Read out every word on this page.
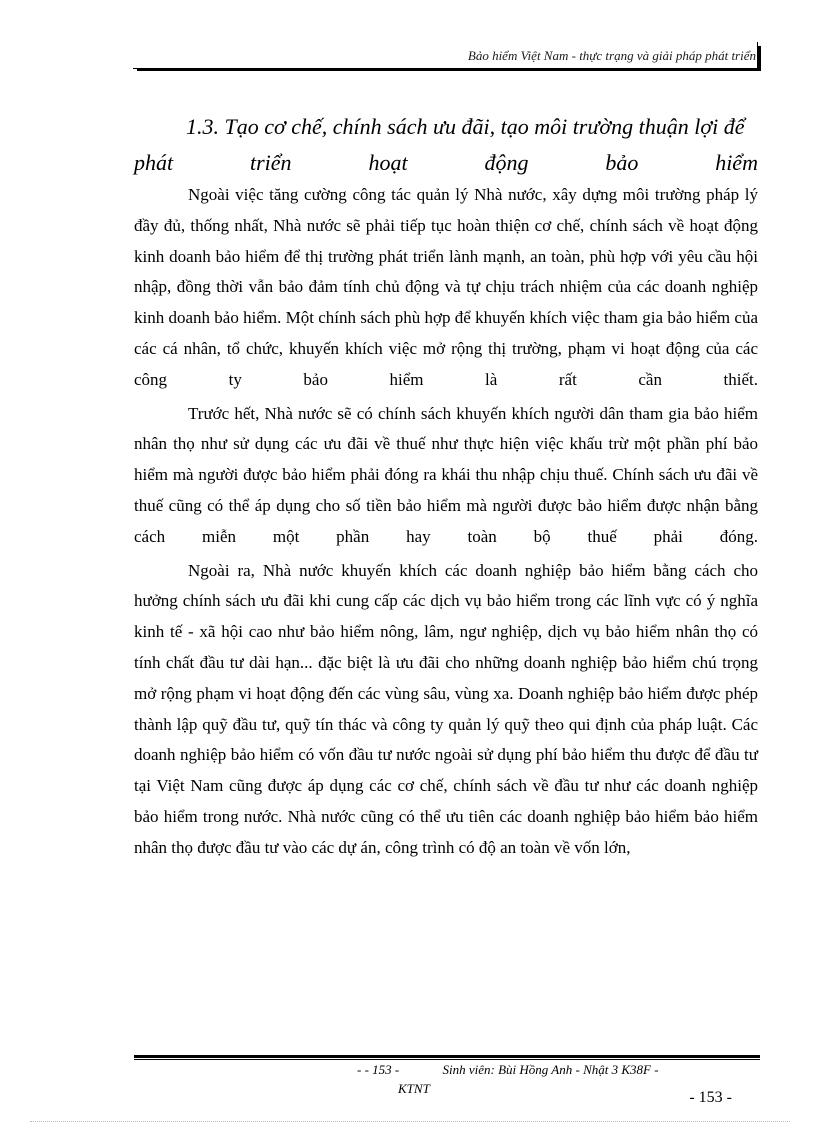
Bảo hiểm Việt Nam - thực trạng và giải pháp phát triển
1.3. Tạo cơ chế, chính sách ưu đãi, tạo môi trường thuận lợi để
phát	triển	hoạt	động	bảo	hiểm

Ngoài việc tăng cường công tác quản lý Nhà nước, xây dựng môi trường pháp lý đầy đủ, thống nhất, Nhà nước sẽ phải tiếp tục hoàn thiện cơ chế, chính sách về hoạt động kinh doanh bảo hiểm để thị trường phát triển lành mạnh, an toàn, phù hợp với yêu cầu hội nhập, đồng thời vẫn bảo đảm tính chủ động và tự chịu trách nhiệm của các doanh nghiệp kinh doanh bảo hiểm. Một chính sách phù hợp để khuyến khích việc tham gia bảo hiểm của các cá nhân, tổ chức, khuyến khích việc mở rộng thị trường, phạm vi hoạt động của các công ty bảo hiểm là rất cần thiết.

Trước hết, Nhà nước sẽ có chính sách khuyến khích người dân tham gia bảo hiểm nhân thọ như sử dụng các ưu đãi về thuế như thực hiện việc khấu trừ một phần phí bảo hiểm mà người được bảo hiểm phải đóng ra khái thu nhập chịu thuế. Chính sách ưu đãi về thuế cũng có thể áp dụng cho số tiền bảo hiểm mà người được bảo hiểm được nhận bằng cách miễn một phần hay toàn bộ thuế phải đóng.

Ngoài ra, Nhà nước khuyến khích các doanh nghiệp bảo hiểm bằng cách cho hưởng chính sách ưu đãi khi cung cấp các dịch vụ bảo hiểm trong các lĩnh vực có ý nghĩa kinh tế - xã hội cao như bảo hiểm nông, lâm, ngư nghiệp, dịch vụ bảo hiểm nhân thọ có tính chất đầu tư dài hạn... đặc biệt là ưu đãi cho những doanh nghiệp bảo hiểm chú trọng mở rộng phạm vi hoạt động đến các vùng sâu, vùng xa. Doanh nghiệp bảo hiểm được phép thành lập quỹ đầu tư, quỹ tín thác và công ty quản lý quỹ theo qui định của pháp luật. Các doanh nghiệp bảo hiểm có vốn đầu tư nước ngoài sử dụng phí bảo hiểm thu được để đầu tư tại Việt Nam cũng được áp dụng các cơ chế, chính sách về đầu tư như các doanh nghiệp bảo hiểm trong nước. Nhà nước cũng có thể ưu tiên các doanh nghiệp bảo hiểm bảo hiểm nhân thọ được đầu tư vào các dự án, công trình có độ an toàn về vốn lớn,

- - 153 -	Sinh viên: Bùi Hồng Anh - Nhật 3 K38F -
KTNT
- 153 -
